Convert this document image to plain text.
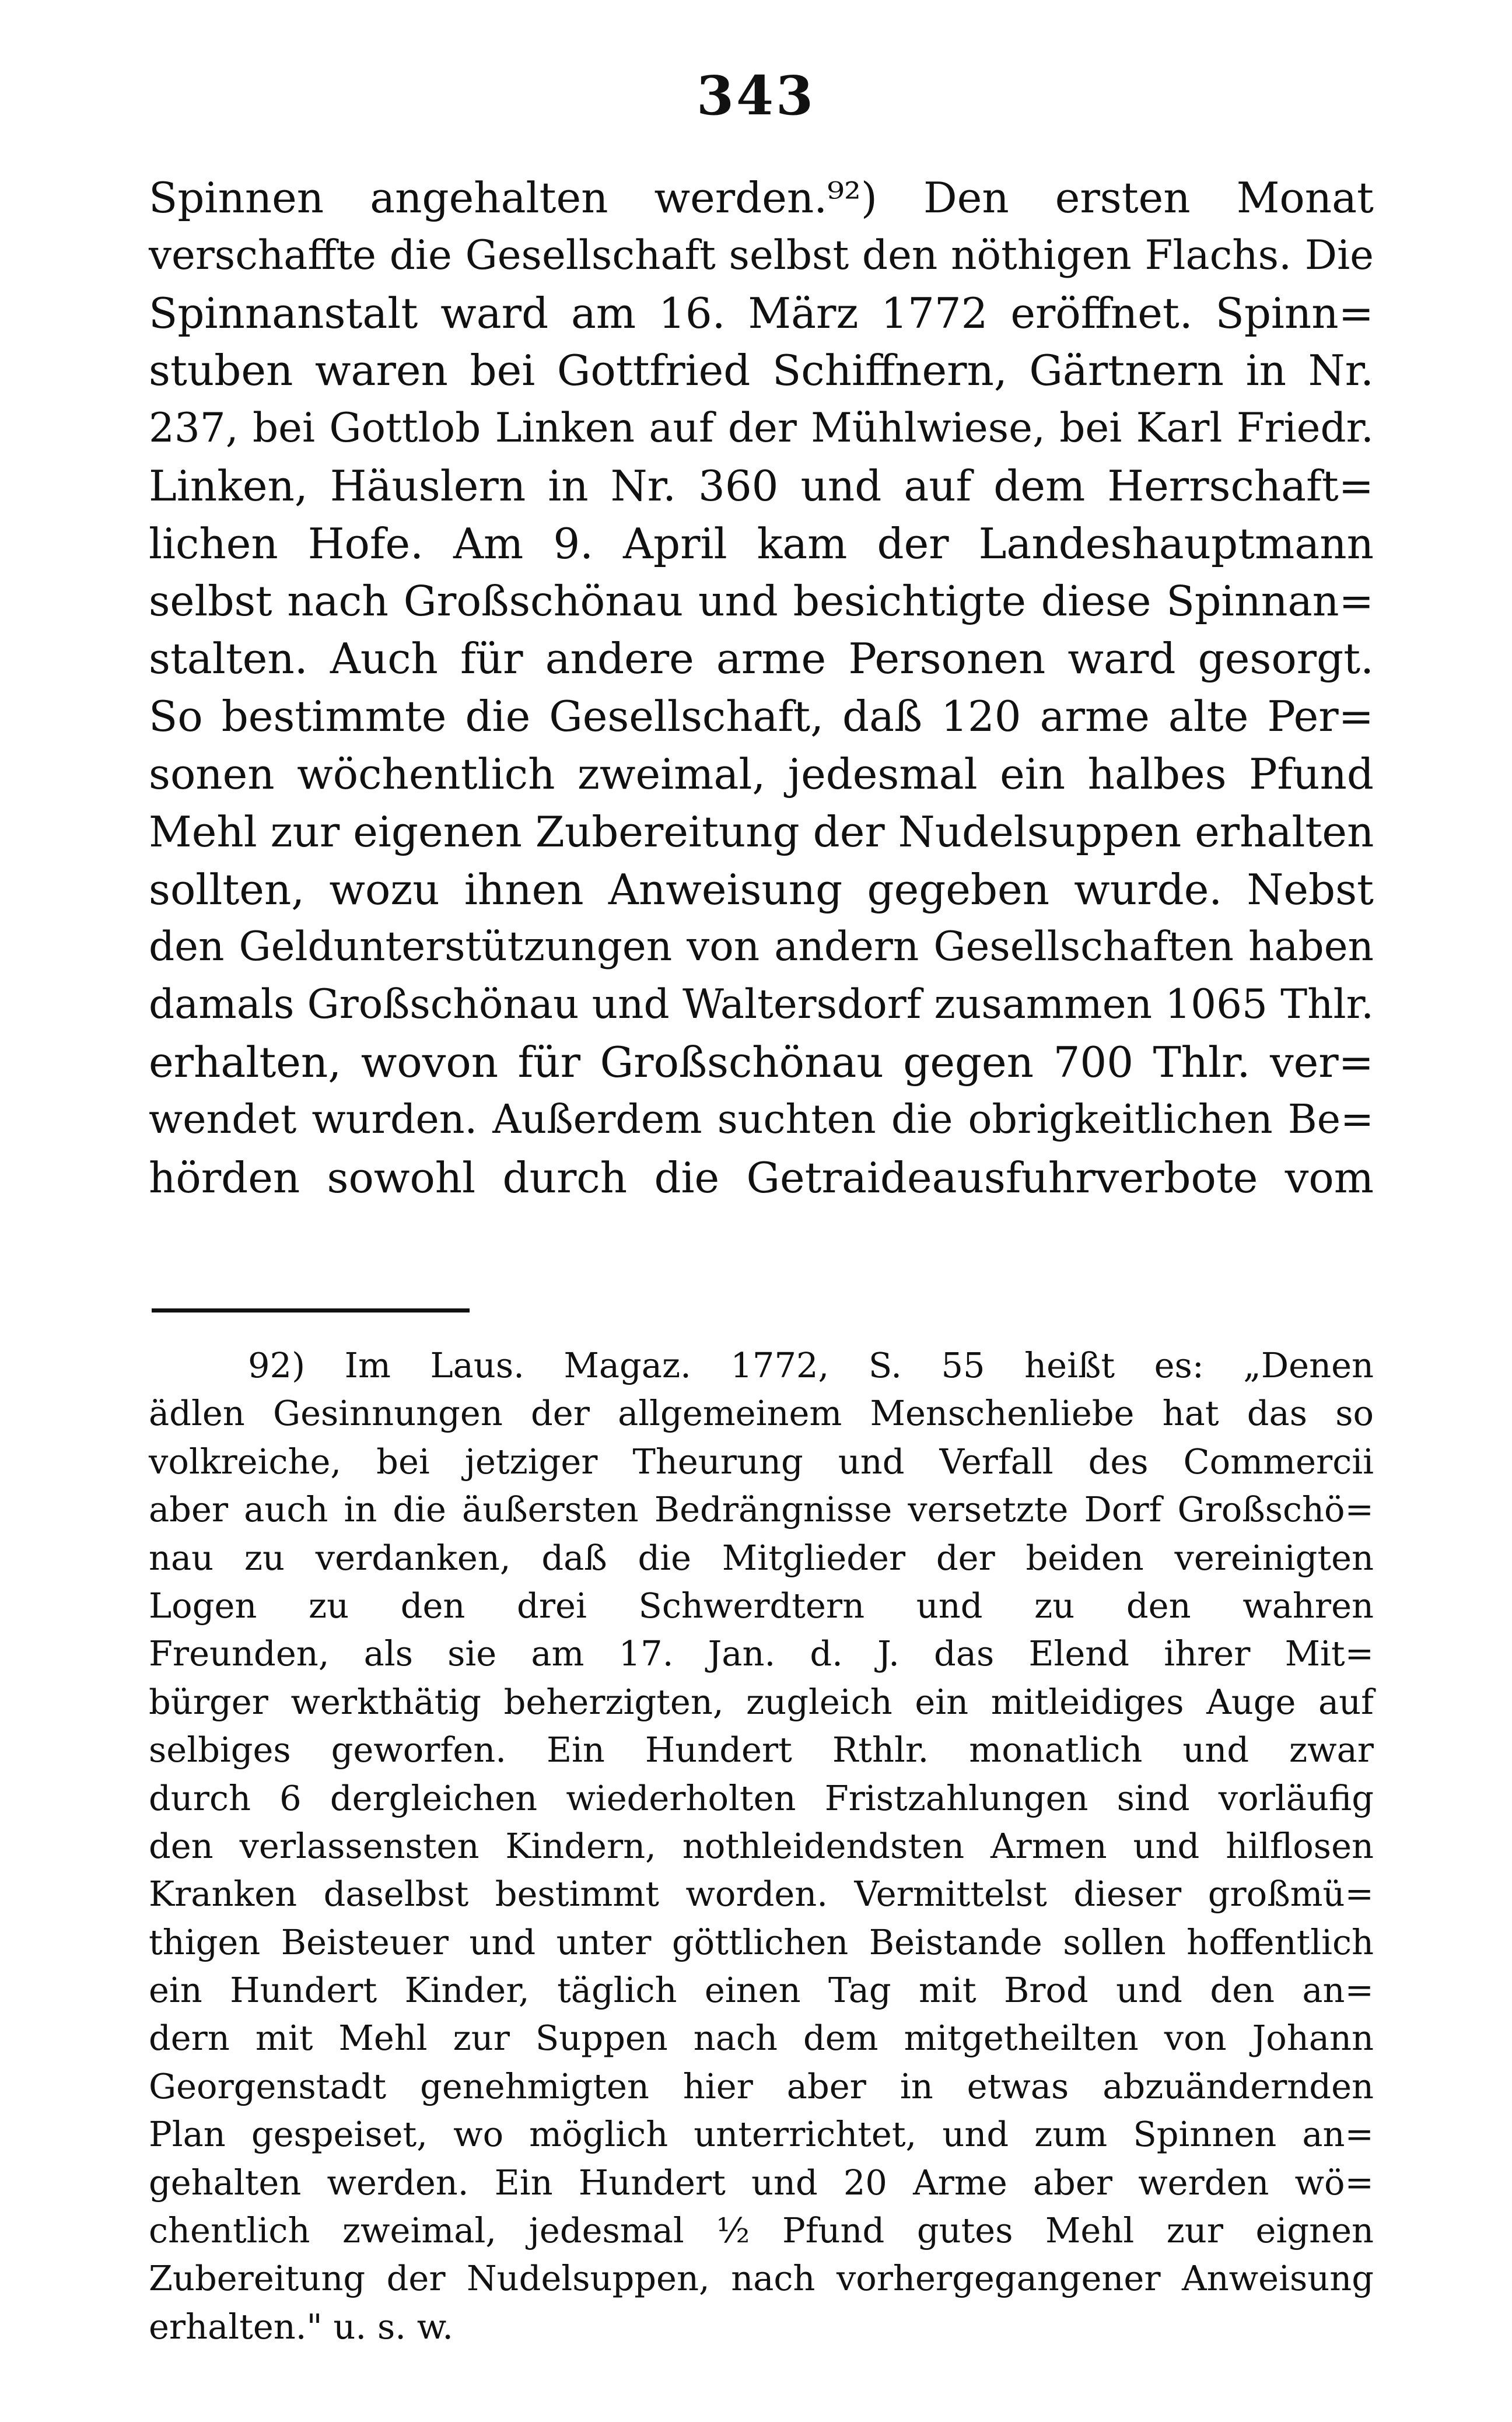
343
Spinnen angehalten werden.⁹²) Den ersten Monat
verschaffte die Gesellschaft selbst den nöthigen Flachs. Die
Spinnanstalt ward am 16. März 1772 eröffnet. Spinn=
stuben waren bei Gottfried Schiffnern, Gärtnern in Nr.
237, bei Gottlob Linken auf der Mühlwiese, bei Karl Friedr.
Linken, Häuslern in Nr. 360 und auf dem Herrschaft=
lichen Hofe. Am 9. April kam der Landeshauptmann
selbst nach Großschönau und besichtigte diese Spinnan=
stalten. Auch für andere arme Personen ward gesorgt.
So bestimmte die Gesellschaft, daß 120 arme alte Per=
sonen wöchentlich zweimal, jedesmal ein halbes Pfund
Mehl zur eigenen Zubereitung der Nudelsuppen erhalten
sollten, wozu ihnen Anweisung gegeben wurde. Nebst
den Geldunterstützungen von andern Gesellschaften haben
damals Großschönau und Waltersdorf zusammen 1065 Thlr.
erhalten, wovon für Großschönau gegen 700 Thlr. ver=
wendet wurden. Außerdem suchten die obrigkeitlichen Be=
hörden sowohl durch die Getraideausfuhrverbote vom
92) Im Laus. Magaz. 1772, S. 55 heißt es: „Denen
ädlen Gesinnungen der allgemeinem Menschenliebe hat das so
volkreiche, bei jetziger Theurung und Verfall des Commercii
aber auch in die äußersten Bedrängnisse versetzte Dorf Großschö=
nau zu verdanken, daß die Mitglieder der beiden vereinigten
Logen zu den drei Schwerdtern und zu den wahren
Freunden, als sie am 17. Jan. d. J. das Elend ihrer Mit=
bürger werkthätig beherzigten, zugleich ein mitleidiges Auge auf
selbiges geworfen. Ein Hundert Rthlr. monatlich und zwar
durch 6 dergleichen wiederholten Fristzahlungen sind vorläufig
den verlassensten Kindern, nothleidendsten Armen und hilflosen
Kranken daselbst bestimmt worden. Vermittelst dieser großmü=
thigen Beisteuer und unter göttlichen Beistande sollen hoffentlich
ein Hundert Kinder, täglich einen Tag mit Brod und den an=
dern mit Mehl zur Suppen nach dem mitgetheilten von Johann
Georgenstadt genehmigten hier aber in etwas abzuändernden
Plan gespeiset, wo möglich unterrichtet, und zum Spinnen an=
gehalten werden. Ein Hundert und 20 Arme aber werden wö=
chentlich zweimal, jedesmal ½ Pfund gutes Mehl zur eignen
Zubereitung der Nudelsuppen, nach vorhergegangener Anweisung
erhalten." u. s. w.
